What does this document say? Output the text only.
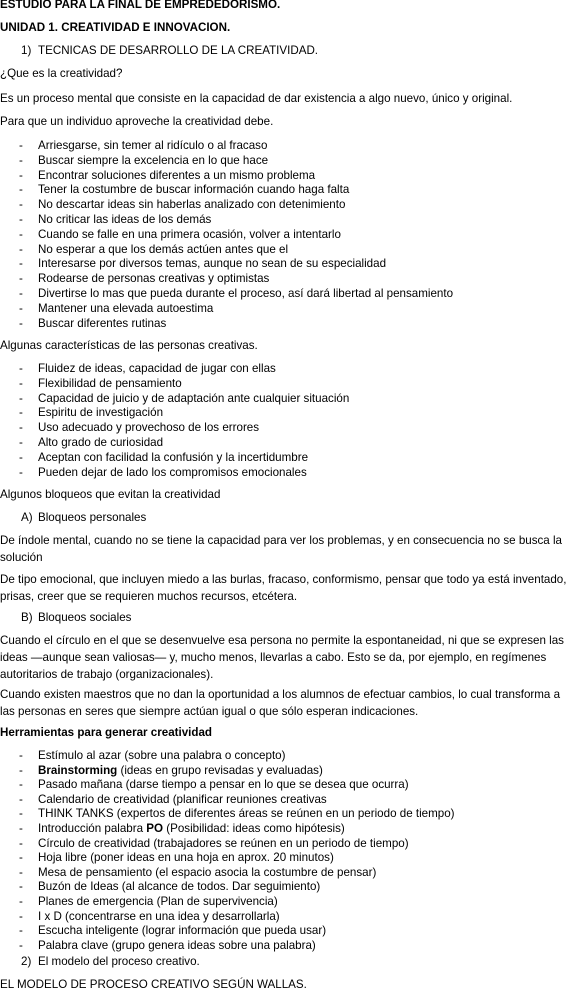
ESTUDIO PARA LA FINAL DE EMPREDEDORISMO.
UNIDAD 1. CREATIVIDAD E INNOVACION.
1) TECNICAS DE DESARROLLO DE LA CREATIVIDAD.
¿Que es la creatividad?
Es un proceso mental que consiste en la capacidad de dar existencia a algo nuevo, único y original.
Para que un individuo aproveche la creatividad debe.
- Arriesgarse, sin temer al ridículo o al fracaso
- Buscar siempre la excelencia en lo que hace
- Encontrar soluciones diferentes a un mismo problema
- Tener la costumbre de buscar información cuando haga falta
- No descartar ideas sin haberlas analizado con detenimiento
- No criticar las ideas de los demás
- Cuando se falle en una primera ocasión, volver a intentarlo
- No esperar a que los demás actúen antes que el
- Interesarse por diversos temas, aunque no sean de su especialidad
- Rodearse de personas creativas y optimistas
- Divertirse lo mas que pueda durante el proceso, así dará libertad al pensamiento
- Mantener una elevada autoestima
- Buscar diferentes rutinas
Algunas características de las personas creativas.
- Fluidez de ideas, capacidad de jugar con ellas
- Flexibilidad de pensamiento
- Capacidad de juicio y de adaptación ante cualquier situación
- Espiritu de investigación
- Uso adecuado y provechoso de los errores
- Alto grado de curiosidad
- Aceptan con facilidad la confusión y la incertidumbre
- Pueden dejar de lado los compromisos emocionales
Algunos bloqueos que evitan la creatividad
A) Bloqueos personales
De índole mental, cuando no se tiene la capacidad para ver los problemas, y en consecuencia no se busca la solución
De tipo emocional, que incluyen miedo a las burlas, fracaso, conformismo, pensar que todo ya está inventado, prisas, creer que se requieren muchos recursos, etcétera.
B) Bloqueos sociales
Cuando el círculo en el que se desenvuelve esa persona no permite la espontaneidad, ni que se expresen las ideas —aunque sean valiosas— y, mucho menos, llevarlas a cabo. Esto se da, por ejemplo, en regímenes autoritarios de trabajo (organizacionales).
Cuando existen maestros que no dan la oportunidad a los alumnos de efectuar cambios, lo cual transforma a las personas en seres que siempre actúan igual o que sólo esperan indicaciones.
Herramientas para generar creatividad
- Estímulo al azar (sobre una palabra o concepto)
- Brainstorming (ideas en grupo revisadas y evaluadas)
- Pasado mañana (darse tiempo a pensar en lo que se desea que ocurra)
- Calendario de creatividad (planificar reuniones creativas
- THINK TANKS (expertos de diferentes áreas se reúnen en un periodo de tiempo)
- Introducción palabra PO (Posibilidad: ideas como hipótesis)
- Círculo de creatividad (trabajadores se reúnen en un periodo de tiempo)
- Hoja libre (poner ideas en una hoja en aprox. 20 minutos)
- Mesa de pensamiento (el espacio asocia la costumbre de pensar)
- Buzón de Ideas (al alcance de todos. Dar seguimiento)
- Planes de emergencia (Plan de supervivencia)
- I x D (concentrarse en una idea y desarrollarla)
- Escucha inteligente (lograr información que pueda usar)
- Palabra clave (grupo genera ideas sobre una palabra)
2) El modelo del proceso creativo.
EL MODELO DE PROCESO CREATIVO SEGÚN WALLAS.
